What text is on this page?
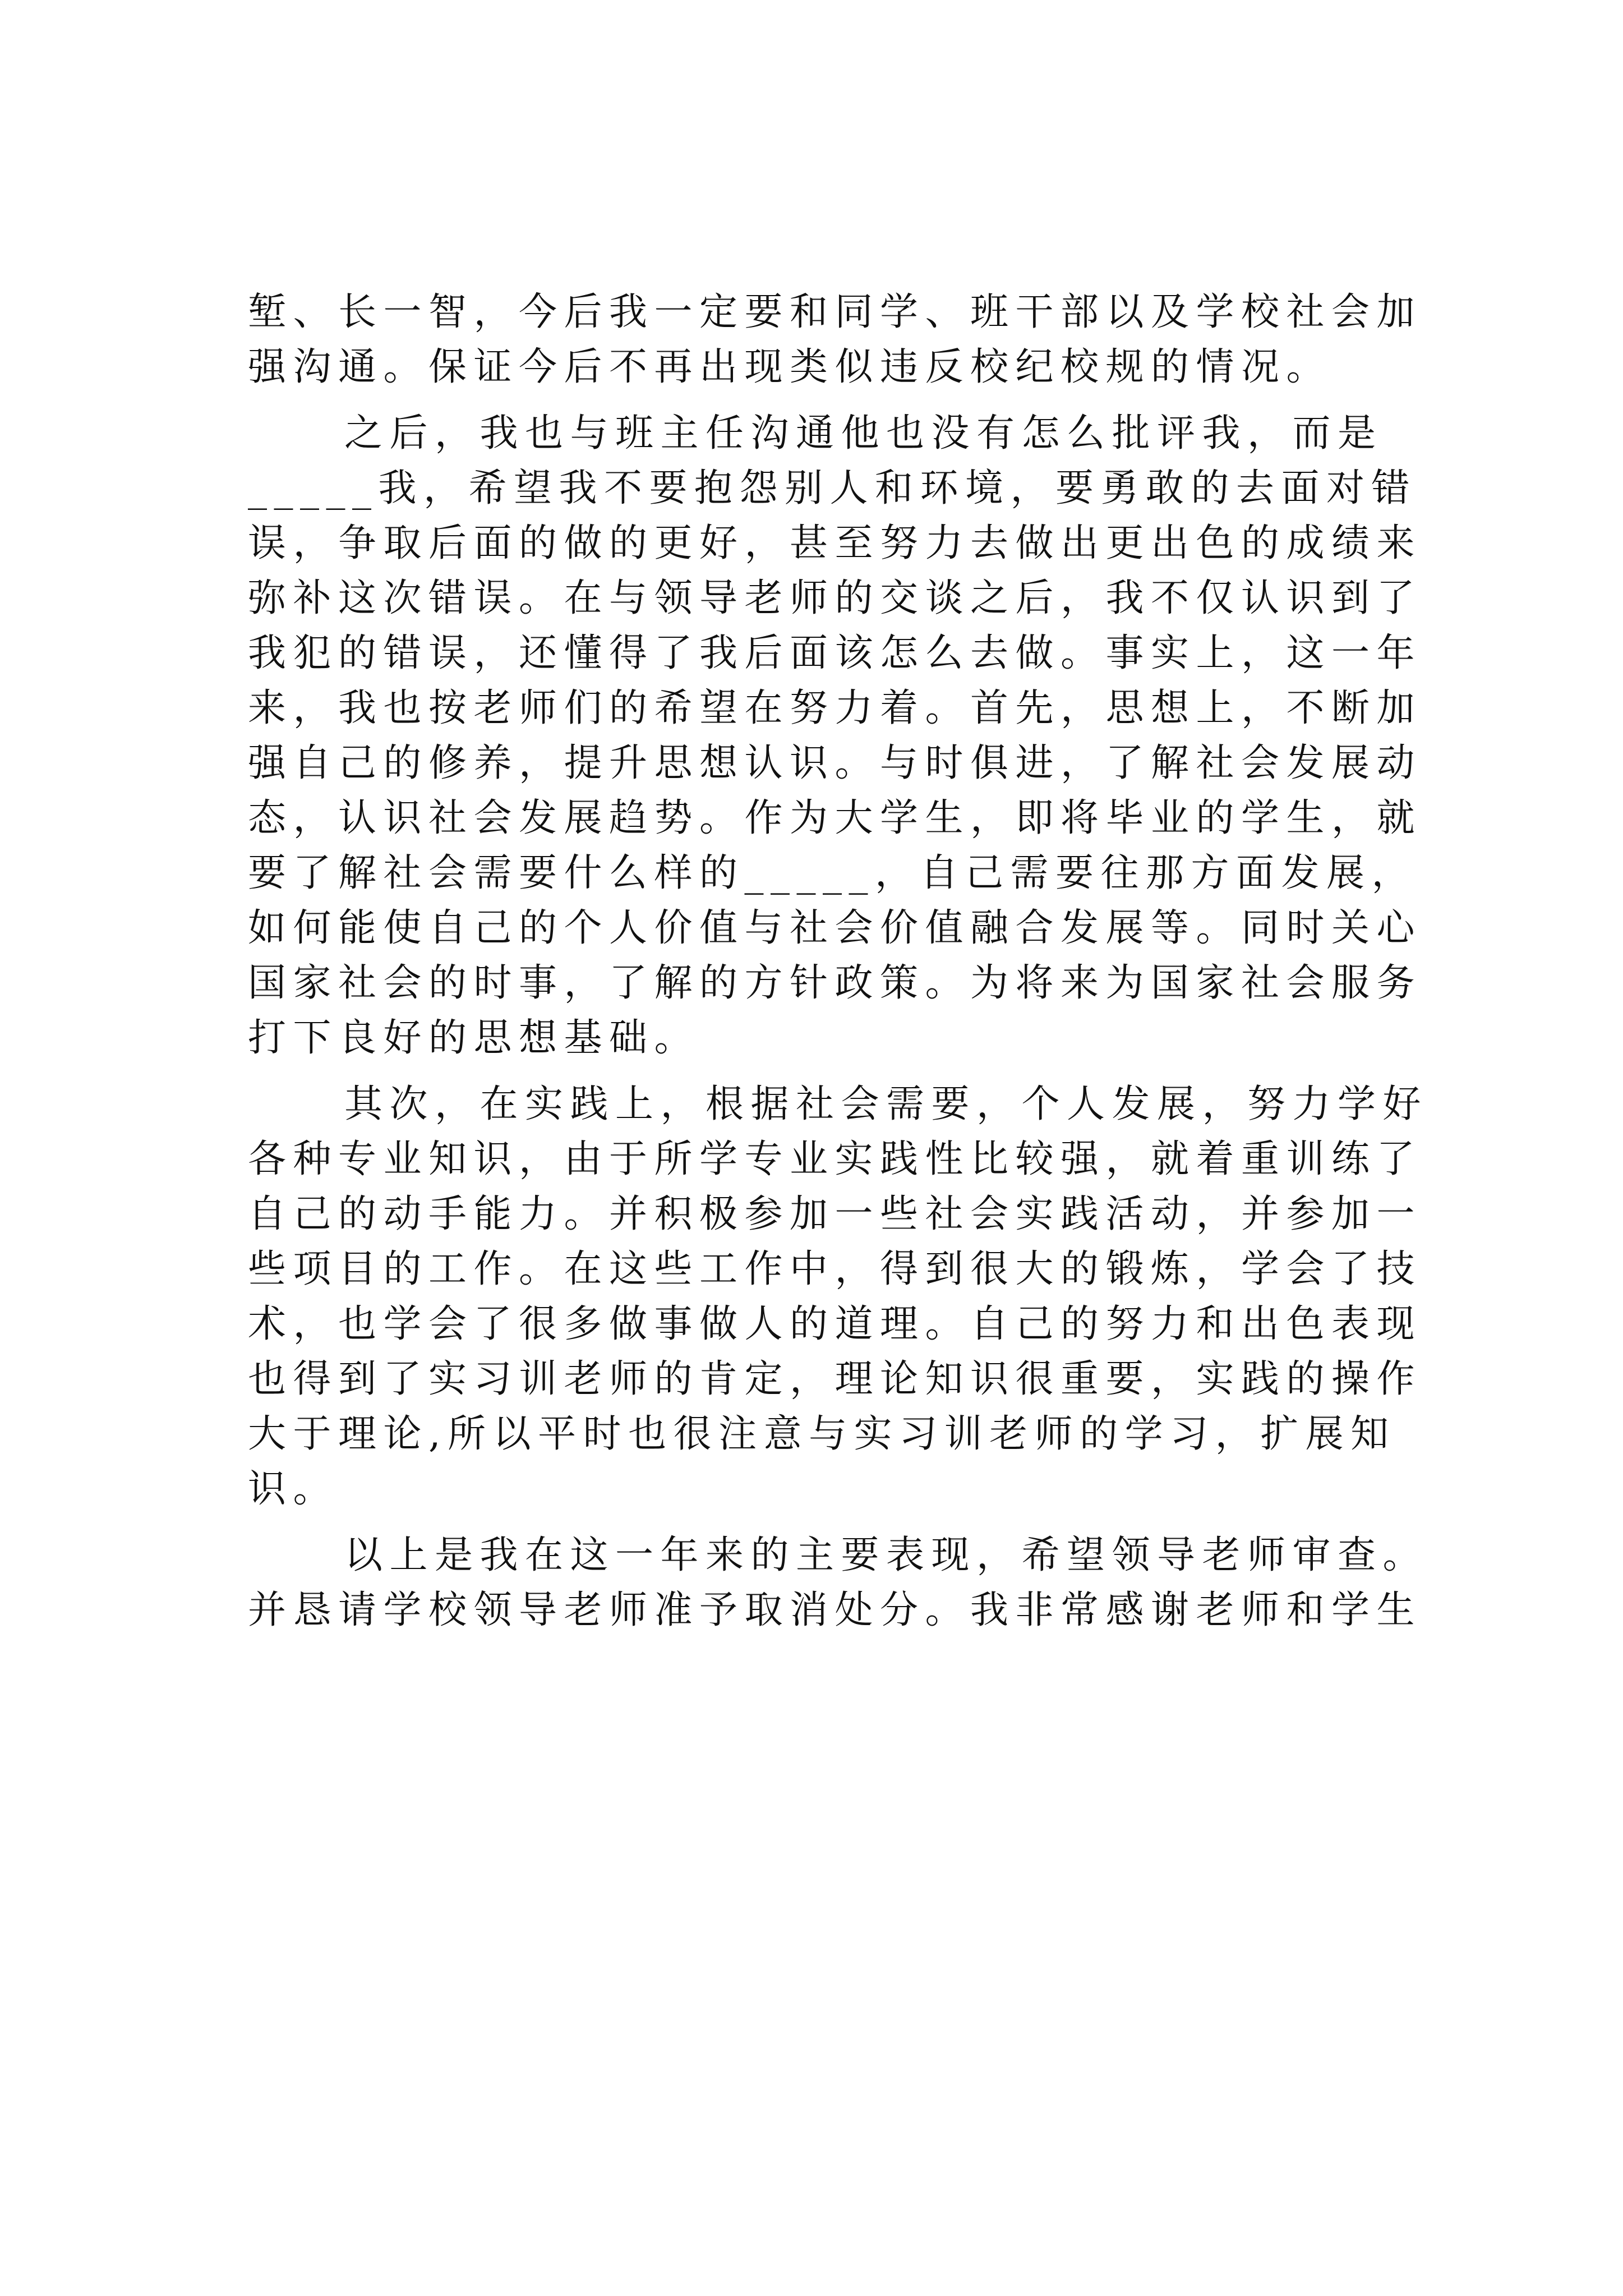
堑、长一智，今后我一定要和同学、班干部以及学校社会加
强沟通。保证今后不再出现类似违反校纪校规的情况。
之后，我也与班主任沟通他也没有怎么批评我，而是
_____我，希望我不要抱怨别人和环境，要勇敢的去面对错
误，争取后面的做的更好，甚至努力去做出更出色的成绩来
弥补这次错误。在与领导老师的交谈之后，我不仅认识到了
我犯的错误，还懂得了我后面该怎么去做。事实上，这一年
来，我也按老师们的希望在努力着。首先，思想上，不断加
强自己的修养，提升思想认识。与时俱进，了解社会发展动
态，认识社会发展趋势。作为大学生，即将毕业的学生，就
要了解社会需要什么样的_____，自己需要往那方面发展，
如何能使自己的个人价值与社会价值融合发展等。同时关心
国家社会的时事，了解的方针政策。为将来为国家社会服务
打下良好的思想基础。
其次，在实践上，根据社会需要，个人发展，努力学好
各种专业知识，由于所学专业实践性比较强，就着重训练了
自己的动手能力。并积极参加一些社会实践活动，并参加一
些项目的工作。在这些工作中，得到很大的锻炼，学会了技
术，也学会了很多做事做人的道理。自己的努力和出色表现
也得到了实习训老师的肯定，理论知识很重要，实践的操作
大于理论,所以平时也很注意与实习训老师的学习，扩展知
识。
以上是我在这一年来的主要表现，希望领导老师审查。
并恳请学校领导老师准予取消处分。我非常感谢老师和学生
